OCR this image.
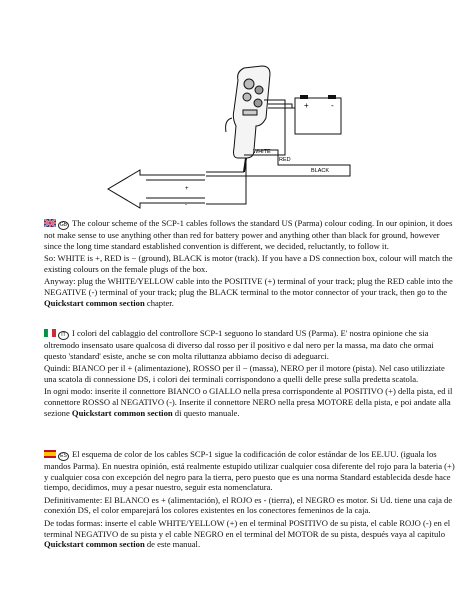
+	-
WHITE
RED
BLACK
+
-

GB The colour scheme of the SCP-1 cables follows the standard US (Parma) colour coding. In our opinion, it does not make sense to use anything other than red for battery power and anything other than black for ground, however since the long time standard established convention is different, we decided, reluctantly, to follow it.

So: WHITE is +, RED is − (ground), BLACK is motor (track). If you have a DS connection box, colour will match the existing colours on the female plugs of the box.

Anyway: plug the WHITE/YELLOW cable into the POSITIVE (+) terminal of your track; plug the RED cable into the NEGATIVE (-) terminal of your track; plug the BLACK terminal to the motor connector of your track, then go to the Quickstart common section chapter.

IT I colori del cablaggio del controllore SCP-1 seguono lo standard US (Parma). E' nostra opinione che sia oltremodo insensato usare qualcosa di diverso dal rosso per il positivo e dal nero per la massa, ma dato che ormai questo 'standard' esiste, anche se con molta riluttanza abbiamo deciso di adeguarci.

Quindi: BIANCO per il + (alimentazione), ROSSO per il − (massa), NERO per il motore (pista). Nel caso utilizziate una scatola di connessione DS, i colori dei terminali corrispondono a quelli delle prese sulla predetta scatola.

In ogni modo: inserite il connettore BIANCO o GIALLO nella presa corrispondente al POSITIVO (+) della pista, ed il connettore ROSSO al NEGATIVO (-). Inserite il connettore NERO nella presa MOTORE della pista, e poi andate alla sezione Quickstart common section di questo manuale.

ES El esquema de color de los cables SCP-1 sigue la codificación de color estándar de los EE.UU. (iguala los mandos Parma). En nuestra opinión, está realmente estupido utilizar cualquier cosa diferente del rojo para la bateria (+) y cualquier cosa con excepción del negro para la tierra, pero puesto que es una norma Standard establecida desde hace tiempo, decidimos, muy a pesar nuestro, seguir esta nomenclatura.

Definitivamente: El BLANCO es + (alimentación), el ROJO es - (tierra), el NEGRO es motor. Si Ud. tiene una caja de conexión DS, el color emparejará los colores existentes en los conectores femeninos de la caja.

De todas formas: inserte el cable WHITE/YELLOW (+) en el terminal POSITIVO de su pista, el cable ROJO (-) en el terminal NEGATIVO de su pista y el cable NEGRO en el terminal del MOTOR de su pista, después vaya al capitulo Quickstart common section de este manual.
